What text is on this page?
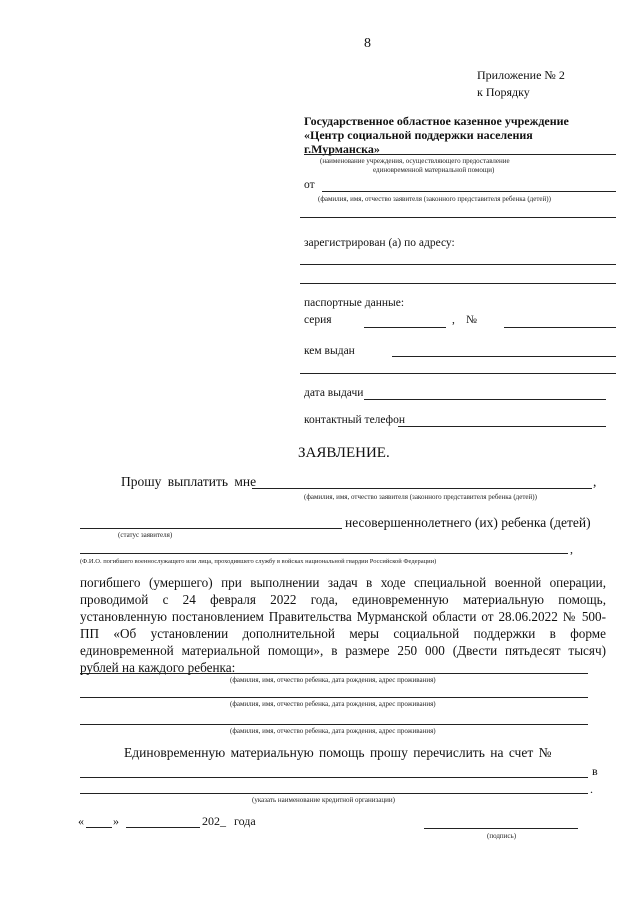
8
Приложение № 2
к Порядку
Государственное областное казенное учреждение
«Центр социальной поддержки населения
г.Мурманска»
(наименование учреждения, осуществляющего предоставление
единовременной материальной помощи)
от
(фамилия, имя, отчество заявителя (законного представителя ребенка (детей))
зарегистрирован (а) по адресу:
паспортные данные:
серия	, №
кем выдан
дата выдачи
контактный телефон
ЗАЯВЛЕНИЕ.
Прошу выплатить мне	,
(фамилия, имя, отчество заявителя (законного представителя ребенка (детей))
несовершеннолетнего (их) ребенка (детей)
(статус заявителя)
,
(Ф.И.О. погибшего военнослужащего или лица, проходившего службу в войсках национальной гвардии Российской Федерации)
погибшего (умершего) при выполнении задач в ходе специальной военной операции, проводимой с 24 февраля 2022 года, единовременную материальную помощь, установленную постановлением Правительства Мурманской области от 28.06.2022 № 500-ПП «Об установлении дополнительной меры социальной поддержки в форме единовременной материальной помощи», в размере 250 000 (Двести пятьдесят тысяч) рублей на каждого ребенка:
(фамилия, имя, отчество ребенка, дата рождения, адрес проживания)
(фамилия, имя, отчество ребенка, дата рождения, адрес проживания)
(фамилия, имя, отчество ребенка, дата рождения, адрес проживания)
Единовременную материальную помощь прошу перечислить на счет №
в
.
(указать наименование кредитной организации)
« »	202_ года
(подпись)
